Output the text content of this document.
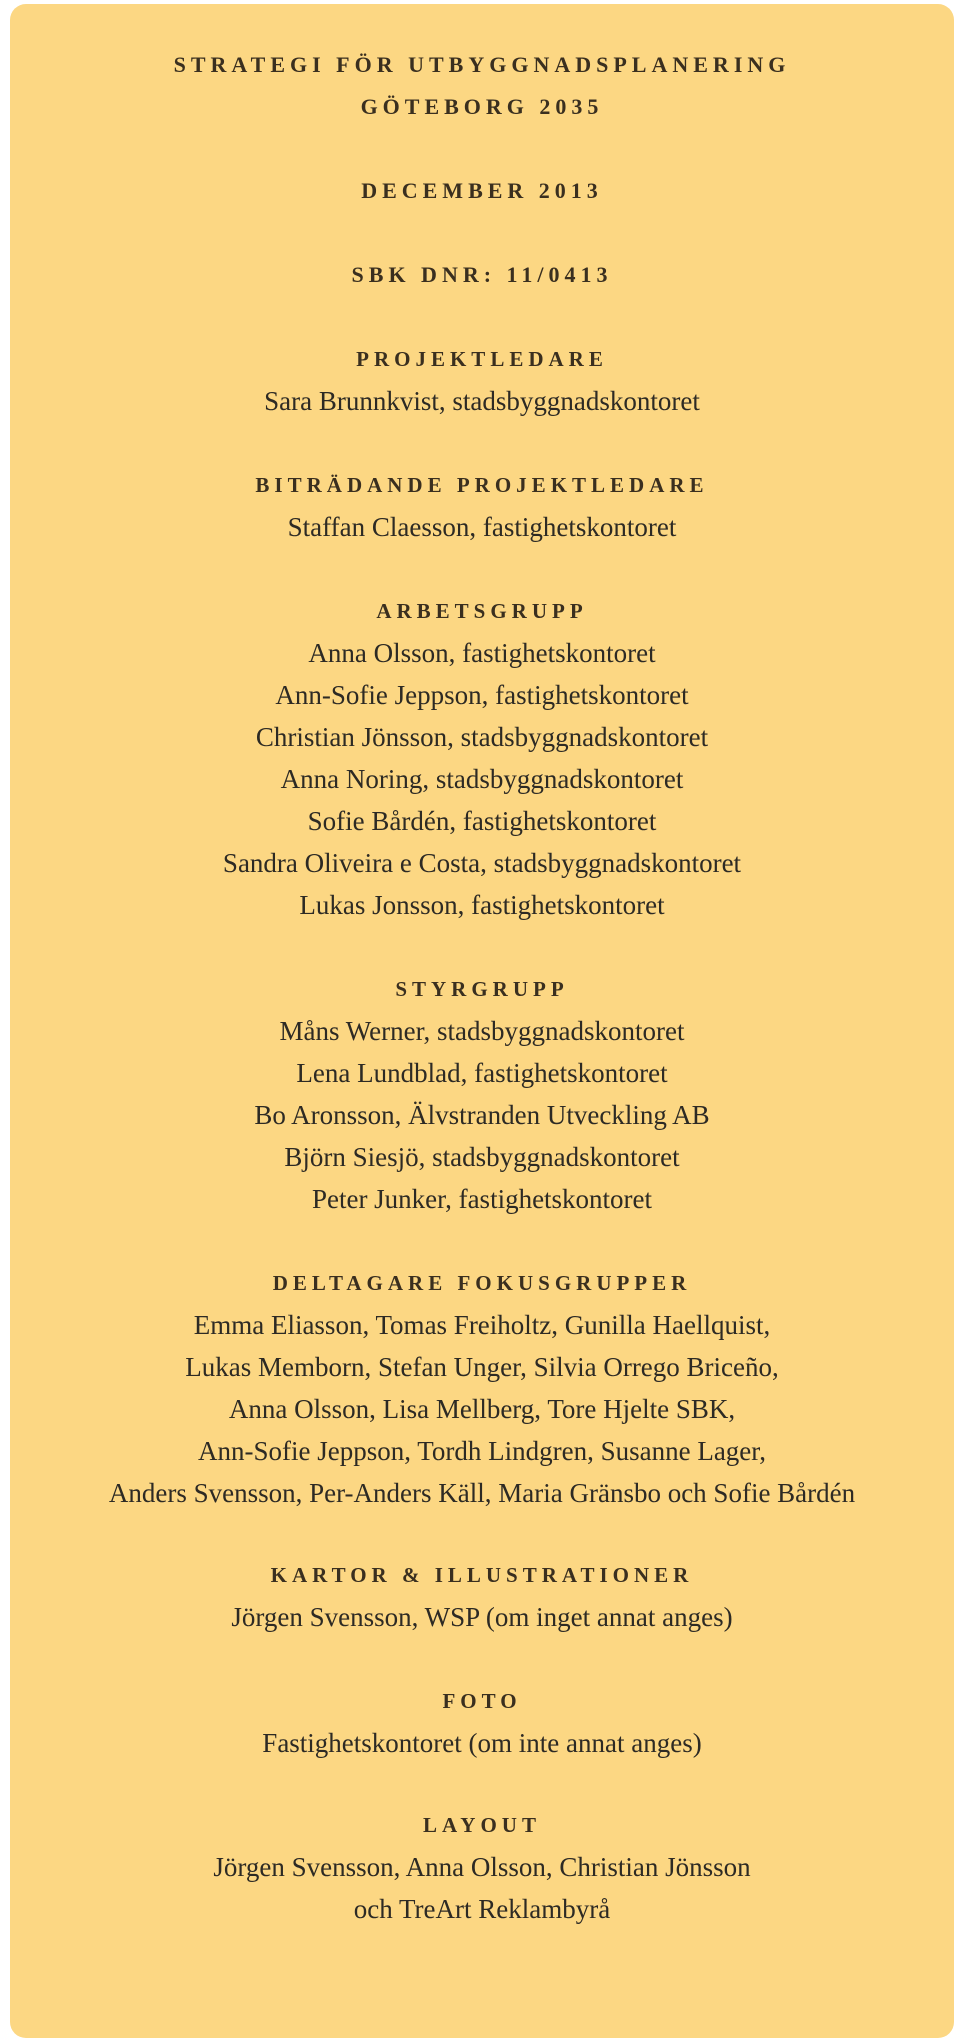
STRATEGI FÖR UTBYGGNADSPLANERING
GÖTEBORG 2035
DECEMBER 2013
SBK DNR: 11/0413
PROJEKTLEDARE
Sara Brunnkvist, stadsbyggnadskontoret
BITRÄDANDE PROJEKTLEDARE
Staffan Claesson, fastighetskontoret
ARBETSGRUPP
Anna Olsson, fastighetskontoret
Ann-Sofie Jeppson, fastighetskontoret
Christian Jönsson, stadsbyggnadskontoret
Anna Noring, stadsbyggnadskontoret
Sofie Bårdén, fastighetskontoret
Sandra Oliveira e Costa, stadsbyggnadskontoret
Lukas Jonsson, fastighetskontoret
STYRGRUPP
Måns Werner, stadsbyggnadskontoret
Lena Lundblad, fastighetskontoret
Bo Aronsson, Älvstranden Utveckling AB
Björn Siesjö, stadsbyggnadskontoret
Peter Junker, fastighetskontoret
DELTAGARE FOKUSGRUPPER
Emma Eliasson, Tomas Freiholtz, Gunilla Haellquist,
Lukas Memborn, Stefan Unger, Silvia Orrego Briceño,
Anna Olsson, Lisa Mellberg, Tore Hjelte SBK,
Ann-Sofie Jeppson, Tordh Lindgren, Susanne Lager,
Anders Svensson, Per-Anders Käll, Maria Gränsbo och Sofie Bårdén
KARTOR & ILLUSTRATIONER
Jörgen Svensson, WSP (om inget annat anges)
FOTO
Fastighetskontoret (om inte annat anges)
LAYOUT
Jörgen Svensson, Anna Olsson, Christian Jönsson
och TreArt Reklambyrå
